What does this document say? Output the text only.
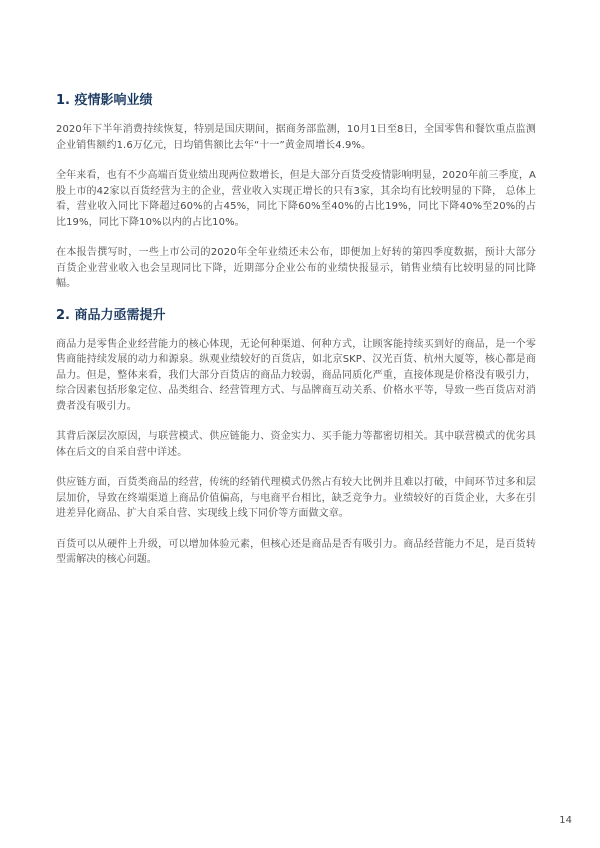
1. 疫情影响业绩

2020年下半年消费持续恢复，特别是国庆期间，据商务部监测，10月1日至8日，全国零售和餐饮重点监测企业销售额约1.6万亿元，日均销售额比去年“十一”黄金周增长4.9%。

全年来看，也有不少高端百货业绩出现两位数增长，但是大部分百货受疫情影响明显，2020年前三季度，A股上市的42家以百货经营为主的企业，营业收入实现正增长的只有3家，其余均有比较明显的下降， 总体上看，营业收入同比下降超过60%的占45%，同比下降60%至40%的占比19%，同比下降40%至20%的占比19%，同比下降10%以内的占比10%。

在本报告撰写时，一些上市公司的2020年全年业绩还未公布，即便加上好转的第四季度数据，预计大部分百货企业营业收入也会呈现同比下降，近期部分企业公布的业绩快报显示，销售业绩有比较明显的同比降幅。

2. 商品力亟需提升

商品力是零售企业经营能力的核心体现，无论何种渠道、何种方式，让顾客能持续买到好的商品，是一个零售商能持续发展的动力和源泉。纵观业绩较好的百货店，如北京SKP、汉光百货、杭州大厦等，核心都是商品力。但是，整体来看，我们大部分百货店的商品力较弱，商品同质化严重，直接体现是价格没有吸引力，综合因素包括形象定位、品类组合、经营管理方式、与品牌商互动关系、价格水平等，导致一些百货店对消费者没有吸引力。

其背后深层次原因，与联营模式、供应链能力、资金实力、买手能力等都密切相关。其中联营模式的优劣具体在后文的自采自营中详述。

供应链方面，百货类商品的经营，传统的经销代理模式仍然占有较大比例并且难以打破，中间环节过多和层层加价，导致在终端渠道上商品价值偏高，与电商平台相比，缺乏竞争力。业绩较好的百货企业，大多在引进差异化商品、扩大自采自营、实现线上线下同价等方面做文章。

百货可以从硬件上升级，可以增加体验元素，但核心还是商品是否有吸引力。商品经营能力不足，是百货转型需解决的核心问题。

14
